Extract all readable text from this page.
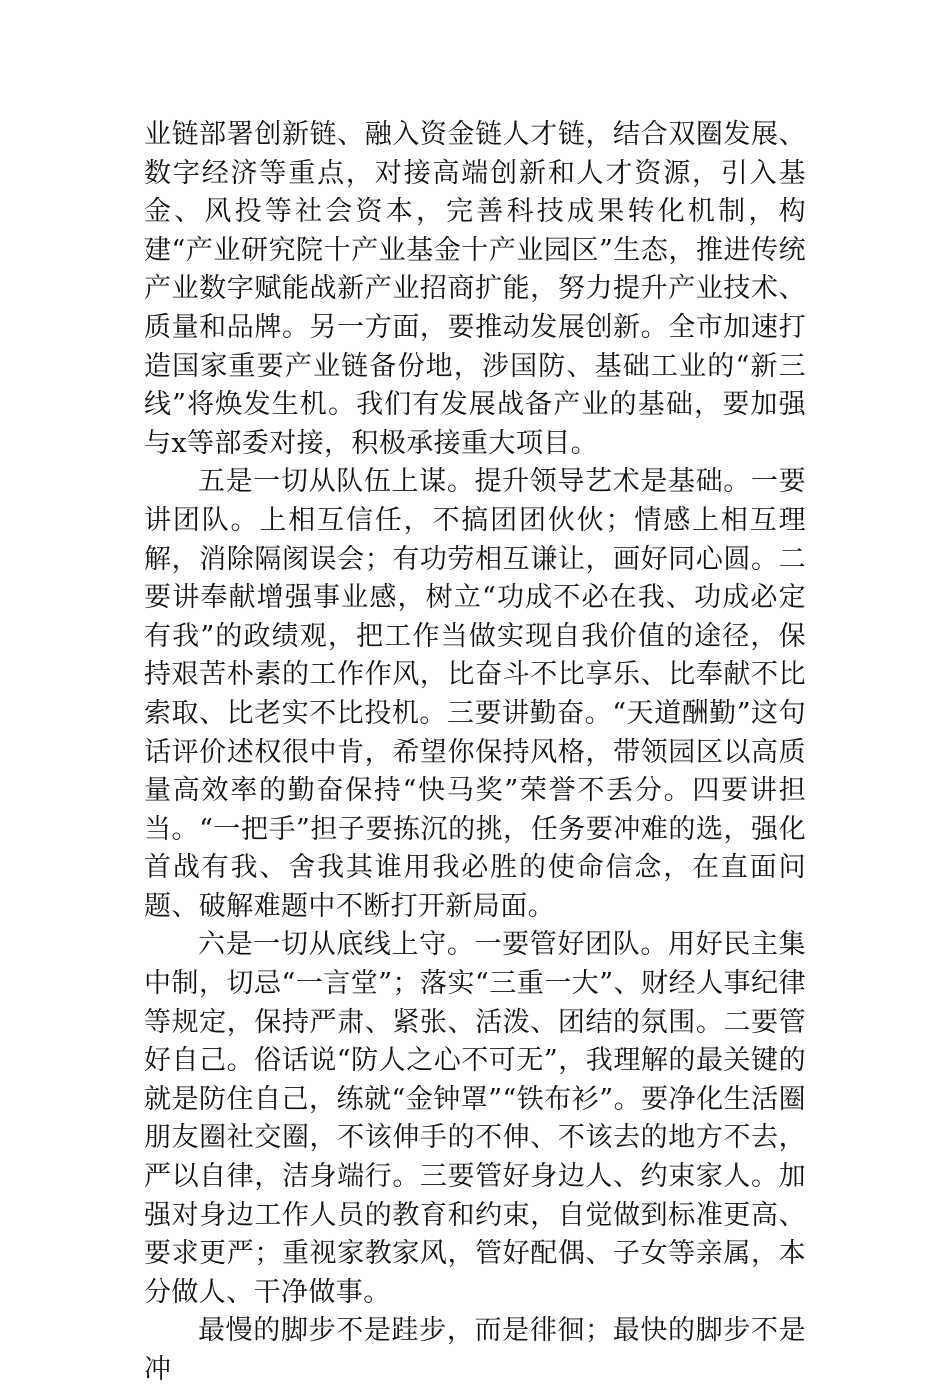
业链部署创新链、融入资金链人才链，结合双圈发展、数字经济等重点，对接高端创新和人才资源，引入基金、风投等社会资本，完善科技成果转化机制，构建“产业研究院十产业基金十产业园区”生态，推进传统产业数字赋能战新产业招商扩能，努力提升产业技术、质量和品牌。另一方面，要推动发展创新。全市加速打造国家重要产业链备份地，涉国防、基础工业的“新三线”将焕发生机。我们有发展战备产业的基础，要加强与x等部委对接，积极承接重大项目。

五是一切从队伍上谋。提升领导艺术是基础。一要讲团队。上相互信任，不搞团团伙伙；情感上相互理解，消除隔阂误会；有功劳相互谦让，画好同心圆。二要讲奉献增强事业感，树立“功成不必在我、功成必定有我”的政绩观，把工作当做实现自我价值的途径，保持艰苦朴素的工作作风，比奋斗不比享乐、比奉献不比索取、比老实不比投机。三要讲勤奋。“天道酬勤”这句话评价述权很中肯，希望你保持风格，带领园区以高质量高效率的勤奋保持“快马奖”荣誉不丢分。四要讲担当。“一把手”担子要拣沉的挑，任务要冲难的选，强化首战有我、舍我其谁用我必胜的使命信念，在直面问题、破解难题中不断打开新局面。

六是一切从底线上守。一要管好团队。用好民主集中制，切忌“一言堂”；落实“三重一大”、财经人事纪律等规定，保持严肃、紧张、活泼、团结的氛围。二要管好自己。俗话说“防人之心不可无”，我理解的最关键的就是防住自己，练就“金钟罩”“铁布衫”。要净化生活圈朋友圈社交圈，不该伸手的不伸、不该去的地方不去，严以自律，洁身端行。三要管好身边人、约束家人。加强对身边工作人员的教育和约束，自觉做到标准更高、要求更严；重视家教家风，管好配偶、子女等亲属，本分做人、干净做事。

最慢的脚步不是跬步，而是徘徊；最快的脚步不是冲
